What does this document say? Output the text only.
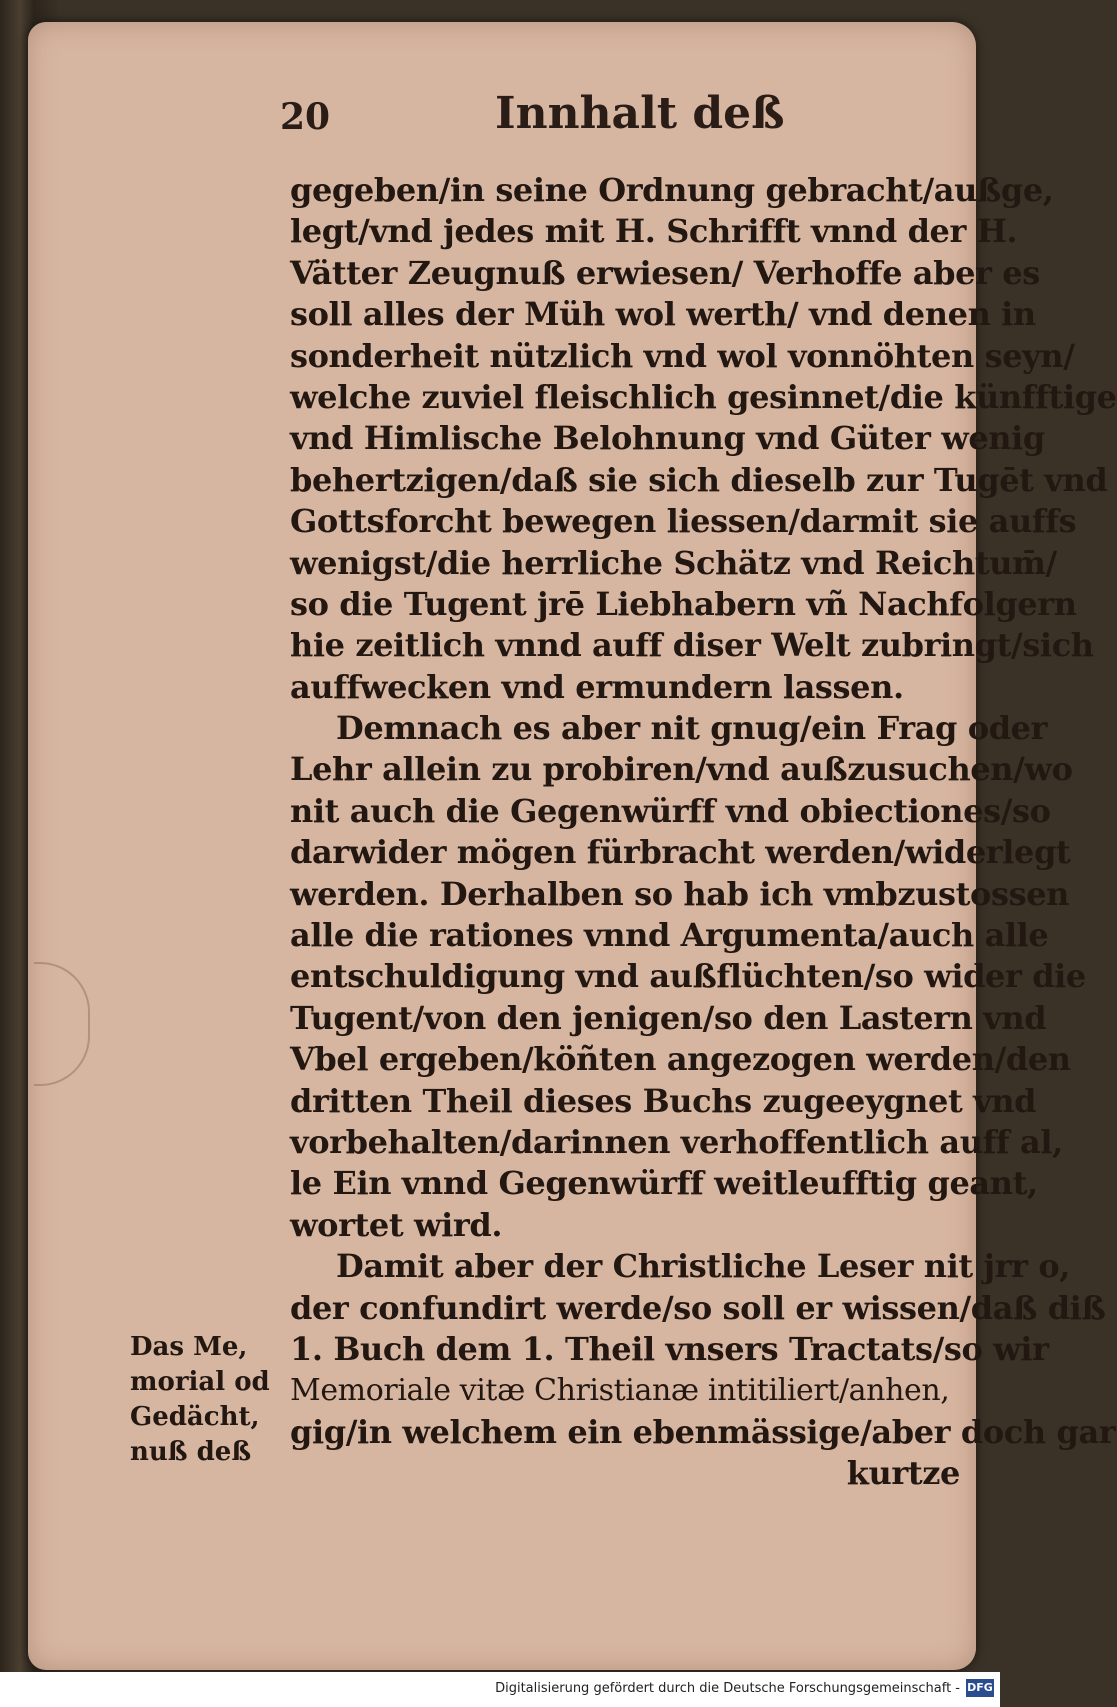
20	Innhalt deß
gegeben/in seine Ordnung gebracht/außge,
legt/vnd jedes mit H. Schrifft vnnd der H.
Vätter Zeugnuß erwiesen/ Verhoffe aber es
soll alles der Müh wol werth/ vnd denen in
sonderheit nützlich vnd wol vonnöhten seyn/
welche zuviel fleischlich gesinnet/die künfftige
vnd Himlische Belohnung vnd Güter wenig
behertzigen/daß sie sich dieselb zur Tugēt vnd
Gottsforcht bewegen liessen/darmit sie auffs
wenigst/die herrliche Schätz vnd Reichtum̄/
so die Tugent jrē Liebhabern vñ Nachfolgern
hie zeitlich vnnd auff diser Welt zubringt/sich
auffwecken vnd ermundern lassen.
Demnach es aber nit gnug/ein Frag oder
Lehr allein zu probiren/vnd außzusuchen/wo
nit auch die Gegenwürff vnd obiectiones/so
darwider mögen fürbracht werden/widerlegt
werden. Derhalben so hab ich vmbzustossen
alle die rationes vnnd Argumenta/auch alle
entschuldigung vnd außflüchten/so wider die
Tugent/von den jenigen/so den Lastern vnd
Vbel ergeben/köñten angezogen werden/den
dritten Theil dieses Buchs zugeeygnet vnd
vorbehalten/darinnen verhoffentlich auff al,
le Ein vnnd Gegenwürff weitleufftig geant,
wortet wird.
Damit aber der Christliche Leser nit jrr o,
der confundirt werde/so soll er wissen/daß diß
1. Buch dem 1. Theil vnsers Tractats/so wir
Memoriale vitæ Christianæ intitiliert/anhen,
gig/in welchem ein ebenmässige/aber doch gar
kurtze
Das Me,
morial od
Gedächt,
nuß deß
Digitalisierung gefördert durch die Deutsche Forschungsgemeinschaft - DFG
